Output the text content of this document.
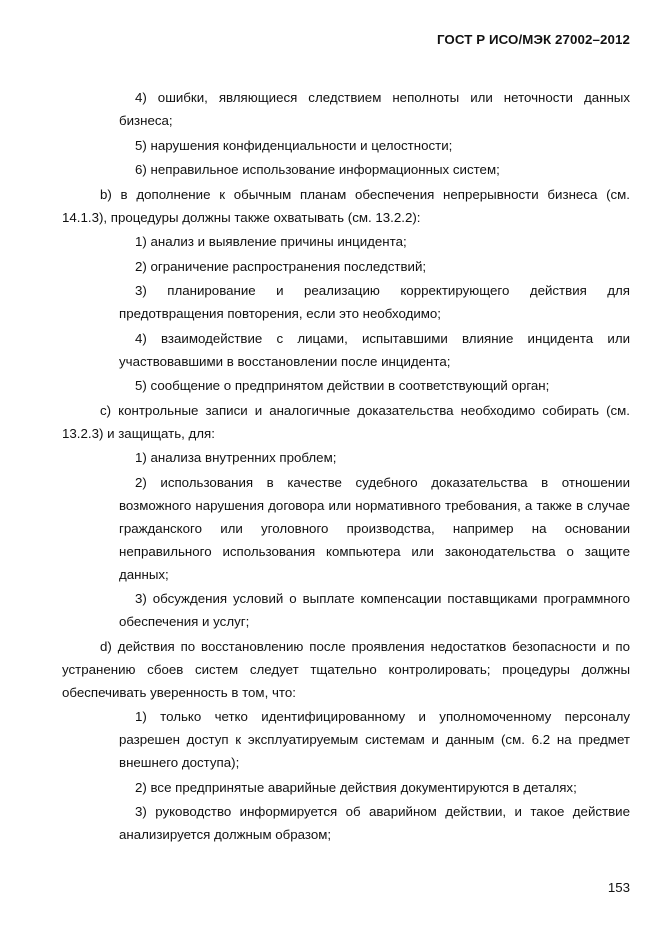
ГОСТ Р ИСО/МЭК 27002–2012

4) ошибки, являющиеся следствием неполноты или неточности данных бизнеса;

5) нарушения конфиденциальности и целостности;

6) неправильное использование информационных систем;

b) в дополнение к обычным планам обеспечения непрерывности бизнеса (см. 14.1.3), процедуры должны также охватывать (см. 13.2.2):

1) анализ и выявление причины инцидента;

2) ограничение распространения последствий;

3) планирование и реализацию корректирующего действия для предотвращения повторения, если это необходимо;

4) взаимодействие с лицами, испытавшими влияние инцидента или участвовавшими в восстановлении после инцидента;

5) сообщение о предпринятом действии в соответствующий орган;

c) контрольные записи и аналогичные доказательства необходимо собирать (см. 13.2.3) и защищать, для:

1) анализа внутренних проблем;

2) использования в качестве судебного доказательства в отношении возможного нарушения договора или нормативного требования, а также в случае гражданского или уголовного производства, например на основании неправильного использования компьютера или законодательства о защите данных;

3) обсуждения условий о выплате компенсации поставщиками программного обеспечения и услуг;

d) действия по восстановлению после проявления недостатков безопасности и по устранению сбоев систем следует тщательно контролировать; процедуры должны обеспечивать уверенность в том, что:

1) только четко идентифицированному и уполномоченному персоналу разрешен доступ к эксплуатируемым системам и данным (см. 6.2 на предмет внешнего доступа);

2) все предпринятые аварийные действия документируются в деталях;

3) руководство информируется об аварийном действии, и такое действие анализируется должным образом;

153
